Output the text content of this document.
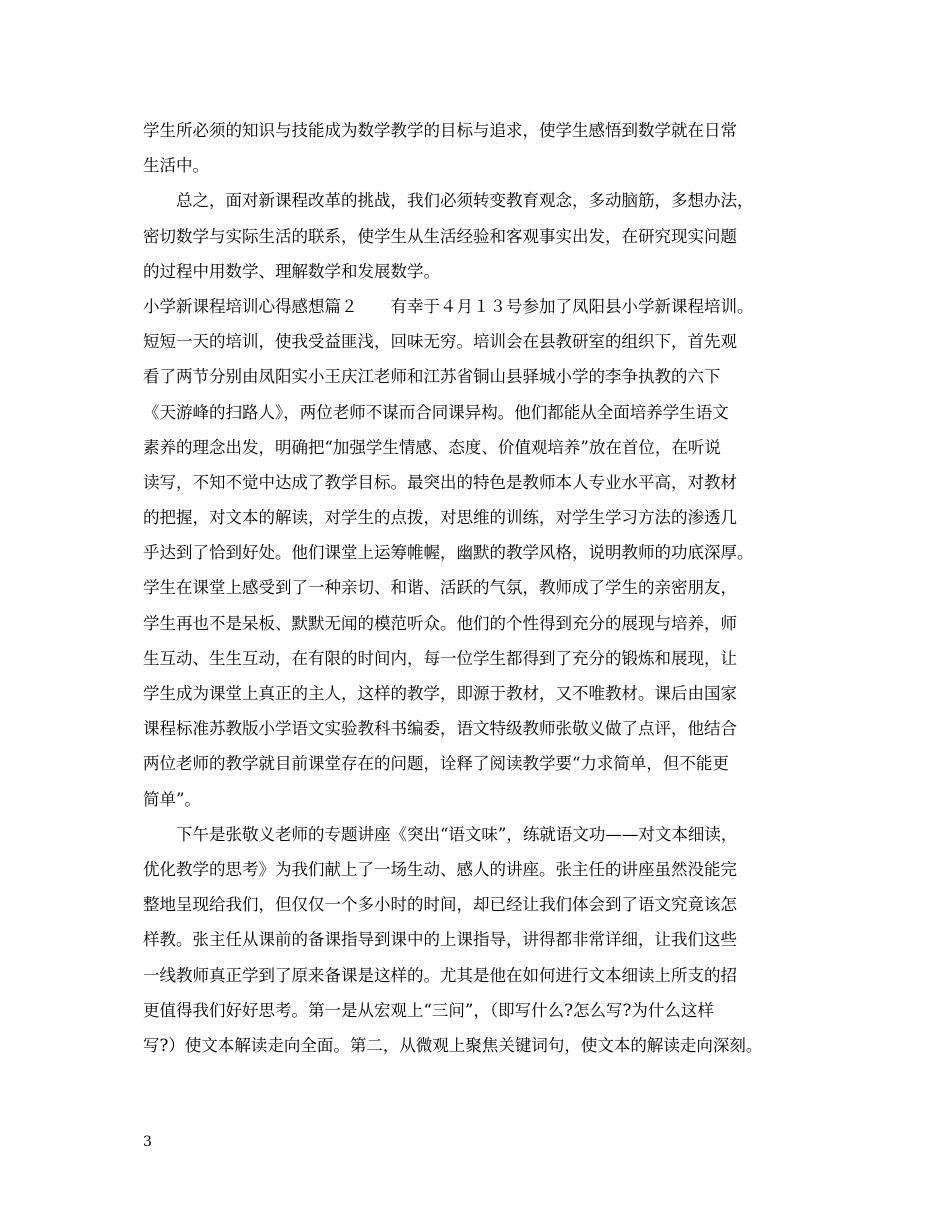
学生所必须的知识与技能成为数学教学的目标与追求，使学生感悟到数学就在日常
生活中。
　　总之，面对新课程改革的挑战，我们必须转变教育观念，多动脑筋，多想办法，
密切数学与实际生活的联系，使学生从生活经验和客观事实出发，在研究现实问题
的过程中用数学、理解数学和发展数学。
小学新课程培训心得感想篇２　　有幸于４月１３号参加了凤阳县小学新课程培训。
短短一天的培训，使我受益匪浅，回味无穷。培训会在县教研室的组织下，首先观
看了两节分别由凤阳实小王庆江老师和江苏省铜山县驿城小学的李争执教的六下
《天游峰的扫路人》，两位老师不谋而合同课异构。他们都能从全面培养学生语文
素养的理念出发，明确把“加强学生情感、态度、价值观培养”放在首位，在听说
读写，不知不觉中达成了教学目标。最突出的特色是教师本人专业水平高，对教材
的把握，对文本的解读，对学生的点拨，对思维的训练，对学生学习方法的渗透几
乎达到了恰到好处。他们课堂上运筹帷幄，幽默的教学风格，说明教师的功底深厚。
学生在课堂上感受到了一种亲切、和谐、活跃的气氛，教师成了学生的亲密朋友，
学生再也不是呆板、默默无闻的模范听众。他们的个性得到充分的展现与培养，师
生互动、生生互动，在有限的时间内，每一位学生都得到了充分的锻炼和展现，让
学生成为课堂上真正的主人，这样的教学，即源于教材，又不唯教材。课后由国家
课程标准苏教版小学语文实验教科书编委，语文特级教师张敬义做了点评，他结合
两位老师的教学就目前课堂存在的问题，诠释了阅读教学要“力求简单，但不能更
简单”。
　　下午是张敬义老师的专题讲座《突出“语文味”，练就语文功——对文本细读，
优化教学的思考》为我们献上了一场生动、感人的讲座。张主任的讲座虽然没能完
整地呈现给我们，但仅仅一个多小时的时间，却已经让我们体会到了语文究竟该怎
样教。张主任从课前的备课指导到课中的上课指导，讲得都非常详细，让我们这些
一线教师真正学到了原来备课是这样的。尤其是他在如何进行文本细读上所支的招
更值得我们好好思考。第一是从宏观上“三问”，（即写什么?怎么写?为什么这样
写?）使文本解读走向全面。第二，从微观上聚焦关键词句，使文本的解读走向深刻。
3
